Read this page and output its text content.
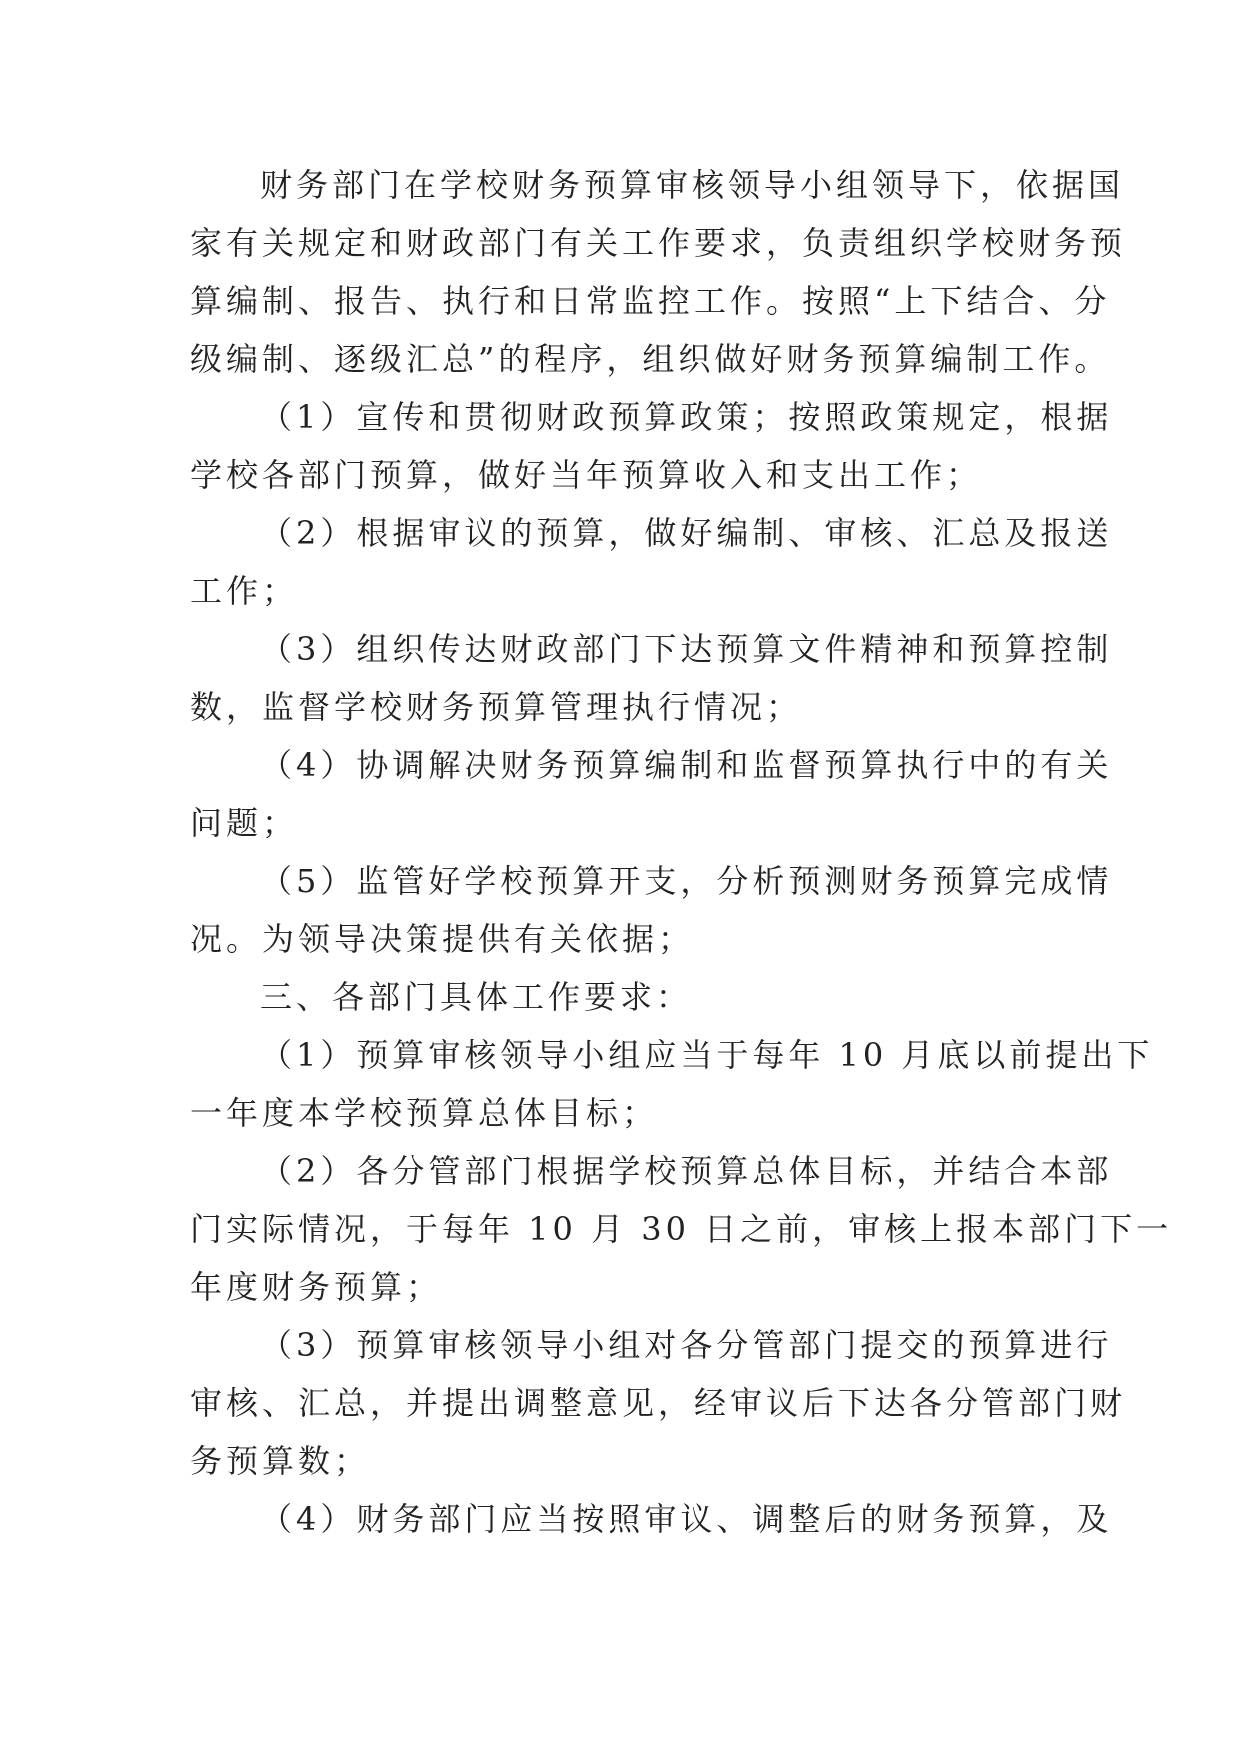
财务部门在学校财务预算审核领导小组领导下，依据国
家有关规定和财政部门有关工作要求，负责组织学校财务预
算编制、报告、执行和日常监控工作。按照“上下结合、分
级编制、逐级汇总”的程序，组织做好财务预算编制工作。
（1）宣传和贯彻财政预算政策；按照政策规定，根据
学校各部门预算，做好当年预算收入和支出工作；
（2）根据审议的预算，做好编制、审核、汇总及报送
工作；
（3）组织传达财政部门下达预算文件精神和预算控制
数，监督学校财务预算管理执行情况；
（4）协调解决财务预算编制和监督预算执行中的有关
问题；
（5）监管好学校预算开支，分析预测财务预算完成情
况。为领导决策提供有关依据；
三、各部门具体工作要求：
（1）预算审核领导小组应当于每年 10 月底以前提出下
一年度本学校预算总体目标；
（2）各分管部门根据学校预算总体目标，并结合本部
门实际情况，于每年 10 月 30 日之前，审核上报本部门下一
年度财务预算；
（3）预算审核领导小组对各分管部门提交的预算进行
审核、汇总，并提出调整意见，经审议后下达各分管部门财
务预算数；
（4）财务部门应当按照审议、调整后的财务预算，及
